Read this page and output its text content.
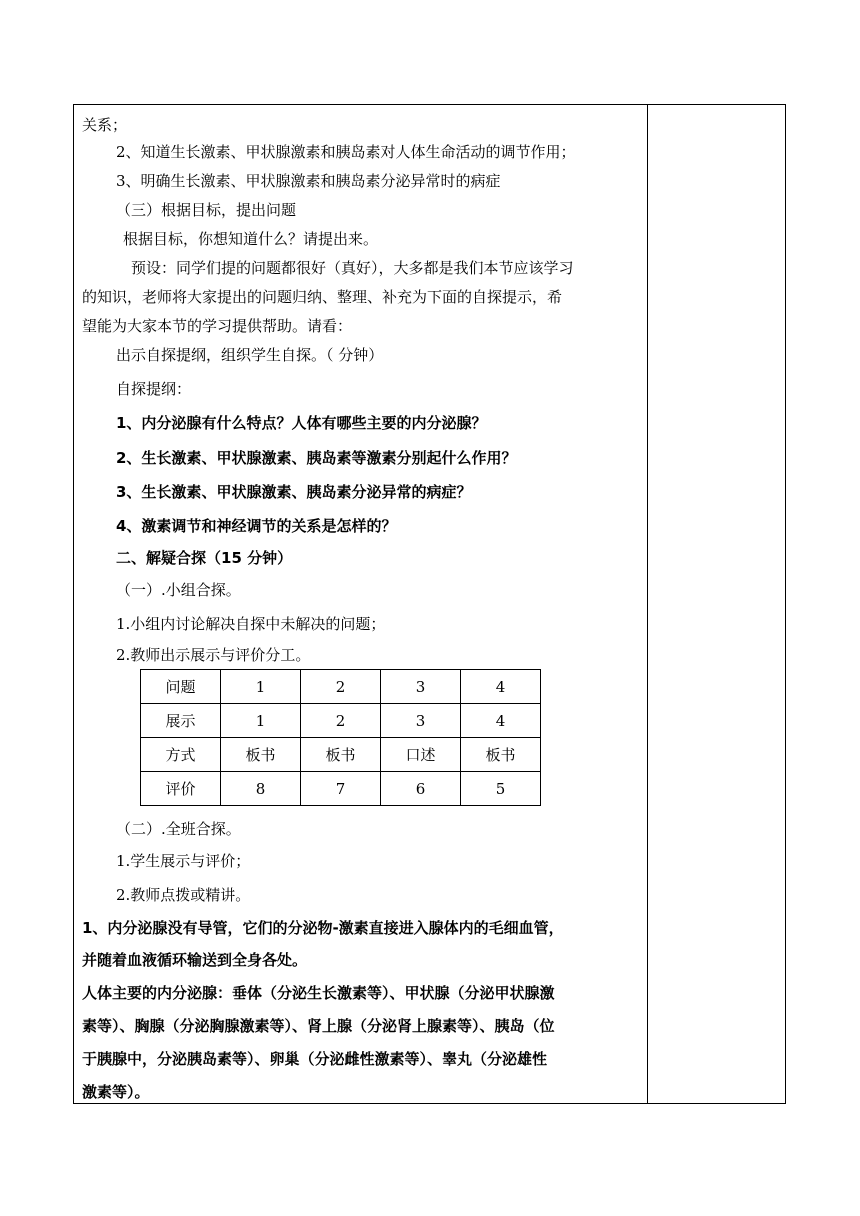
关系；
2、知道生长激素、甲状腺激素和胰岛素对人体生命活动的调节作用；
3、明确生长激素、甲状腺激素和胰岛素分泌异常时的病症
（三）根据目标，提出问题
根据目标，你想知道什么？请提出来。
预设：同学们提的问题都很好（真好），大多都是我们本节应该学习
的知识，老师将大家提出的问题归纳、整理、补充为下面的自探提示，希
望能为大家本节的学习提供帮助。请看：
出示自探提纲，组织学生自探。（ 分钟）
自探提纲：
1、内分泌腺有什么特点？人体有哪些主要的内分泌腺？
2、生长激素、甲状腺激素、胰岛素等激素分别起什么作用？
3、生长激素、甲状腺激素、胰岛素分泌异常的病症？
4、激素调节和神经调节的关系是怎样的？
二、解疑合探（15 分钟）
（一）.小组合探。
1.小组内讨论解决自探中未解决的问题；
2.教师出示展示与评价分工。
问题	1	2	3	4
展示	1	2	3	4
方式	板书	板书	口述	板书
评价	8	7	6	5
（二）.全班合探。
1.学生展示与评价；
2.教师点拨或精讲。
1、内分泌腺没有导管，它们的分泌物-激素直接进入腺体内的毛细血管，
并随着血液循环输送到全身各处。
人体主要的内分泌腺：垂体（分泌生长激素等）、甲状腺（分泌甲状腺激
素等）、胸腺（分泌胸腺激素等）、肾上腺（分泌肾上腺素等）、胰岛（位
于胰腺中，分泌胰岛素等）、卵巢（分泌雌性激素等）、睾丸（分泌雄性
激素等）。
